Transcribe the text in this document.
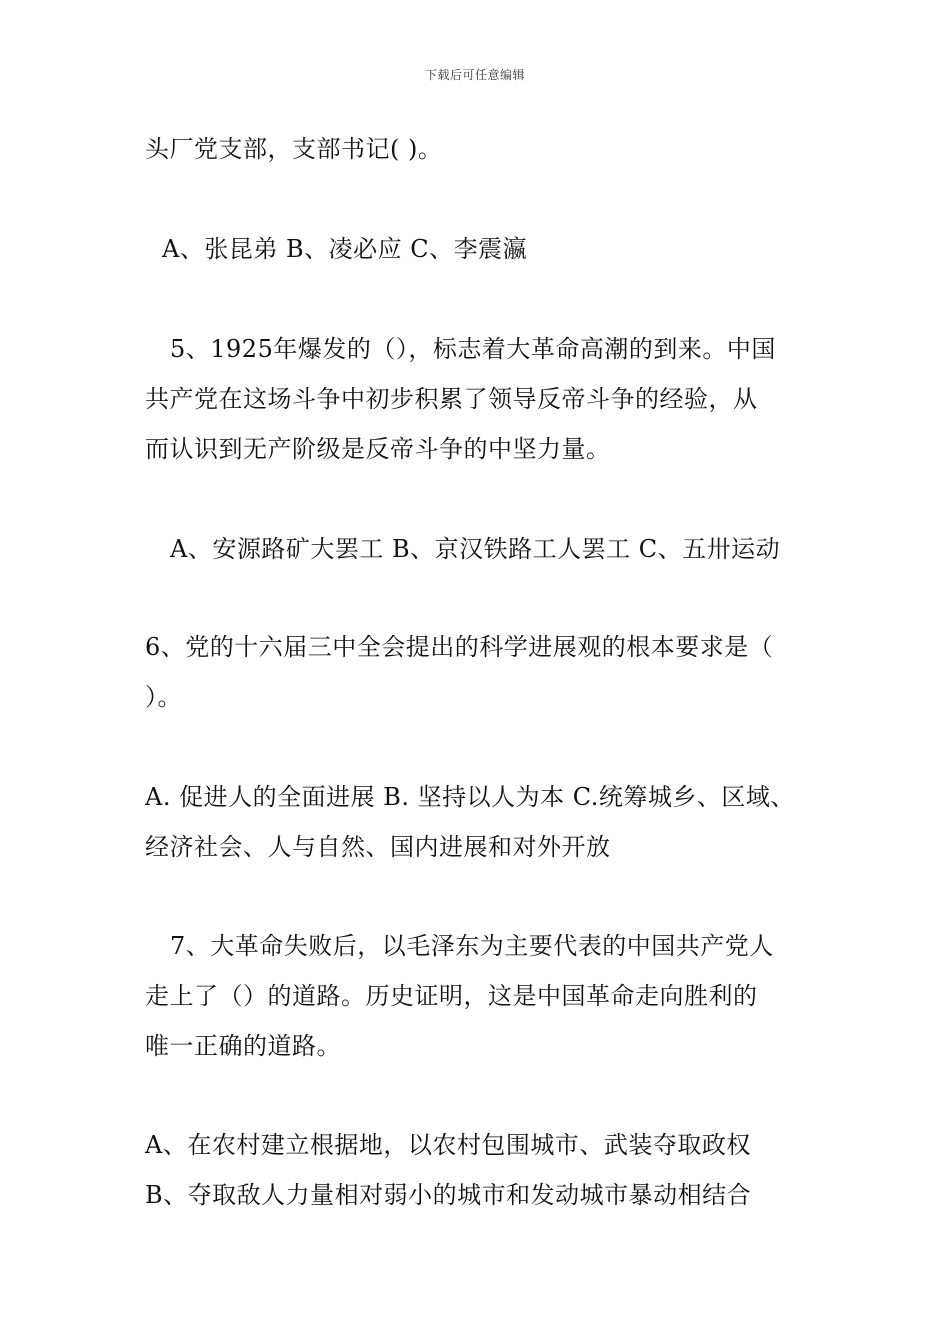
下载后可任意编辑
头厂党支部，支部书记( )。
A、张昆弟 B、凌必应 C、李震瀛
5、1925年爆发的（），标志着大革命高潮的到来。中国
共产党在这场斗争中初步积累了领导反帝斗争的经验，从
而认识到无产阶级是反帝斗争的中坚力量。
A、安源路矿大罢工 B、京汉铁路工人罢工 C、五卅运动
6、党的十六届三中全会提出的科学进展观的根本要求是（
）。
A. 促进人的全面进展 B. 坚持以人为本 C.统筹城乡、区域、
经济社会、人与自然、国内进展和对外开放
7、大革命失败后，以毛泽东为主要代表的中国共产党人
走上了（）的道路。历史证明，这是中国革命走向胜利的
唯一正确的道路。
A、在农村建立根据地，以农村包围城市、武装夺取政权
B、夺取敌人力量相对弱小的城市和发动城市暴动相结合
